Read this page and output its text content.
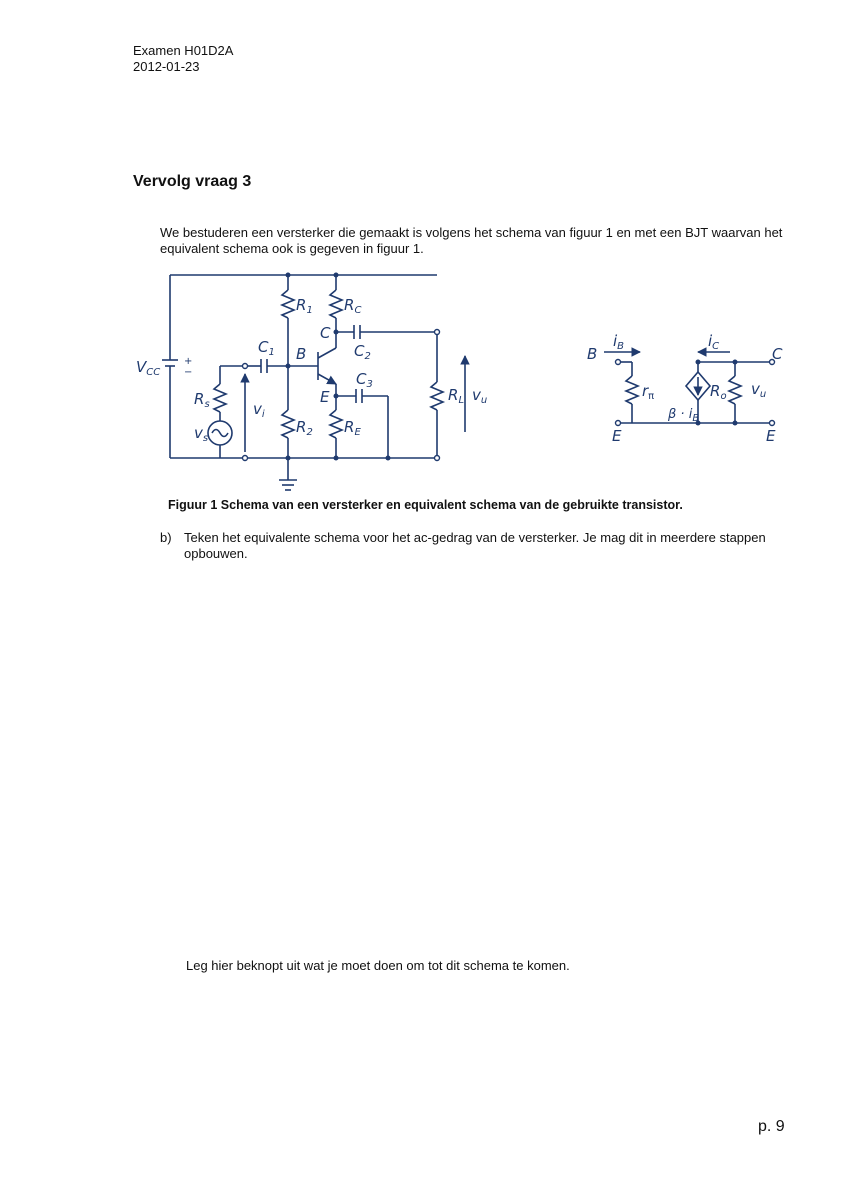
Examen H01D2A
2012-01-23
Vervolg vraag 3
We bestuderen een versterker die gemaakt is volgens het schema van figuur 1 en met een BJT waarvan het equivalent schema ook is gegeven in figuur 1.
$V_{CC}$
+
−
$R_1$ $R_C$
C
$C_1$ B	$C_2$
$C_3$
E
$R_s$
$v_s$
$v_i$
$R_2$ $R_E$
$R_L$ $v_u$
B
E
$i_B$
$r_\pi$
$\beta \cdot i_B$
$i_C$
$R_o$ $v_u$
C
E
Figuur 1 Schema van een versterker en equivalent schema van de gebruikte transistor.
b) Teken het equivalente schema voor het ac-gedrag van de versterker. Je mag dit in meerdere stappen opbouwen.
Leg hier beknopt uit wat je moet doen om tot dit schema te komen.
p. 9
